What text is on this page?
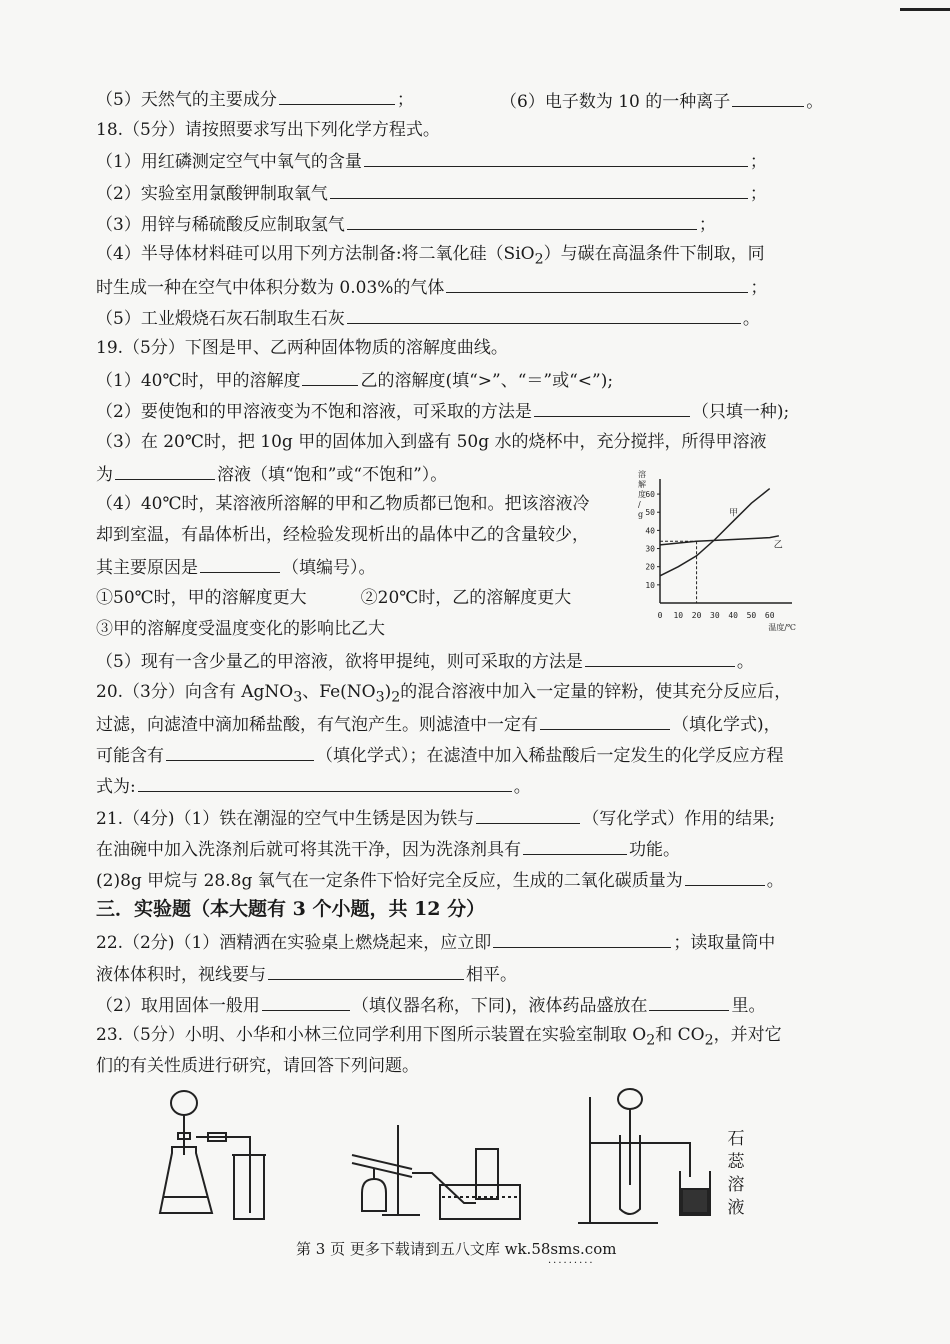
（5）天然气的主要成分	；	（6）电子数为 10 的一种离子	。
18.（5分）请按照要求写出下列化学方程式。
（1）用红磷测定空气中氧气的含量	；
（2）实验室用氯酸钾制取氧气	；
（3）用锌与稀硫酸反应制取氢气	；
（4）半导体材料硅可以用下列方法制备:将二氧化硅（SiO$_2$）与碳在高温条件下制取，同
时生成一种在空气中体积分数为 0.03%的气体	；
（5）工业煅烧石灰石制取生石灰	。
19.（5分）下图是甲、乙两种固体物质的溶解度曲线。
（1）40℃时，甲的溶解度	乙的溶解度(填“>”、“＝”或“<”);
（2）要使饱和的甲溶液变为不饱和溶液，可采取的方法是	（只填一种);
（3）在 20℃时，把 10g 甲的固体加入到盛有 50g 水的烧杯中，充分搅拌，所得甲溶液
为	溶液（填“饱和”或“不饱和”）。
（4）40℃时，某溶液所溶解的甲和乙物质都已饱和。把该溶液冷
却到室温，有晶体析出，经检验发现析出的晶体中乙的含量较少，
其主要原因是	（填编号）。
①50℃时，甲的溶解度更大	②20℃时，乙的溶解度更大
③甲的溶解度受温度变化的影响比乙大
（5）现有一含少量乙的甲溶液，欲将甲提纯，则可采取的方法是	。
0 10 20 30 40 50 60
10
20
30
40
50
60
甲
乙
溶解度/ g
温度/℃
20.（3分）向含有 AgNO$_3$、$Fe(NO_3)_2$的混合溶液中加入一定量的锌粉，使其充分反应后，
过滤，向滤渣中滴加稀盐酸，有气泡产生。则滤渣中一定有	（填化学式)，
可能含有	（填化学式）；在滤渣中加入稀盐酸后一定发生的化学反应方程
式为:	。
21.（4分)（1）铁在潮湿的空气中生锈是因为铁与	（写化学式）作用的结果;
在油碗中加入洗涤剂后就可将其洗干净，因为洗涤剂具有	功能。
(2)8g 甲烷与 28.8g 氧气在一定条件下恰好完全反应，生成的二氧化碳质量为	。
三．实验题（本大题有 3 个小题，共 12 分）
22.（2分)（1）酒精洒在实验桌上燃烧起来，应立即	；读取量筒中
液体体积时，视线要与	相平。
（2）取用固体一般用	（填仪器名称，下同)，液体药品盛放在	里。
23.（5分）小明、小华和小林三位同学利用下图所示装置在实验室制取 $O_2$和 $CO_2$，并对它
们的有关性质进行研究，请回答下列问题。
石蕊溶液
第 3 页 更多下载请到五八文库 wk.58sms.com
·········
